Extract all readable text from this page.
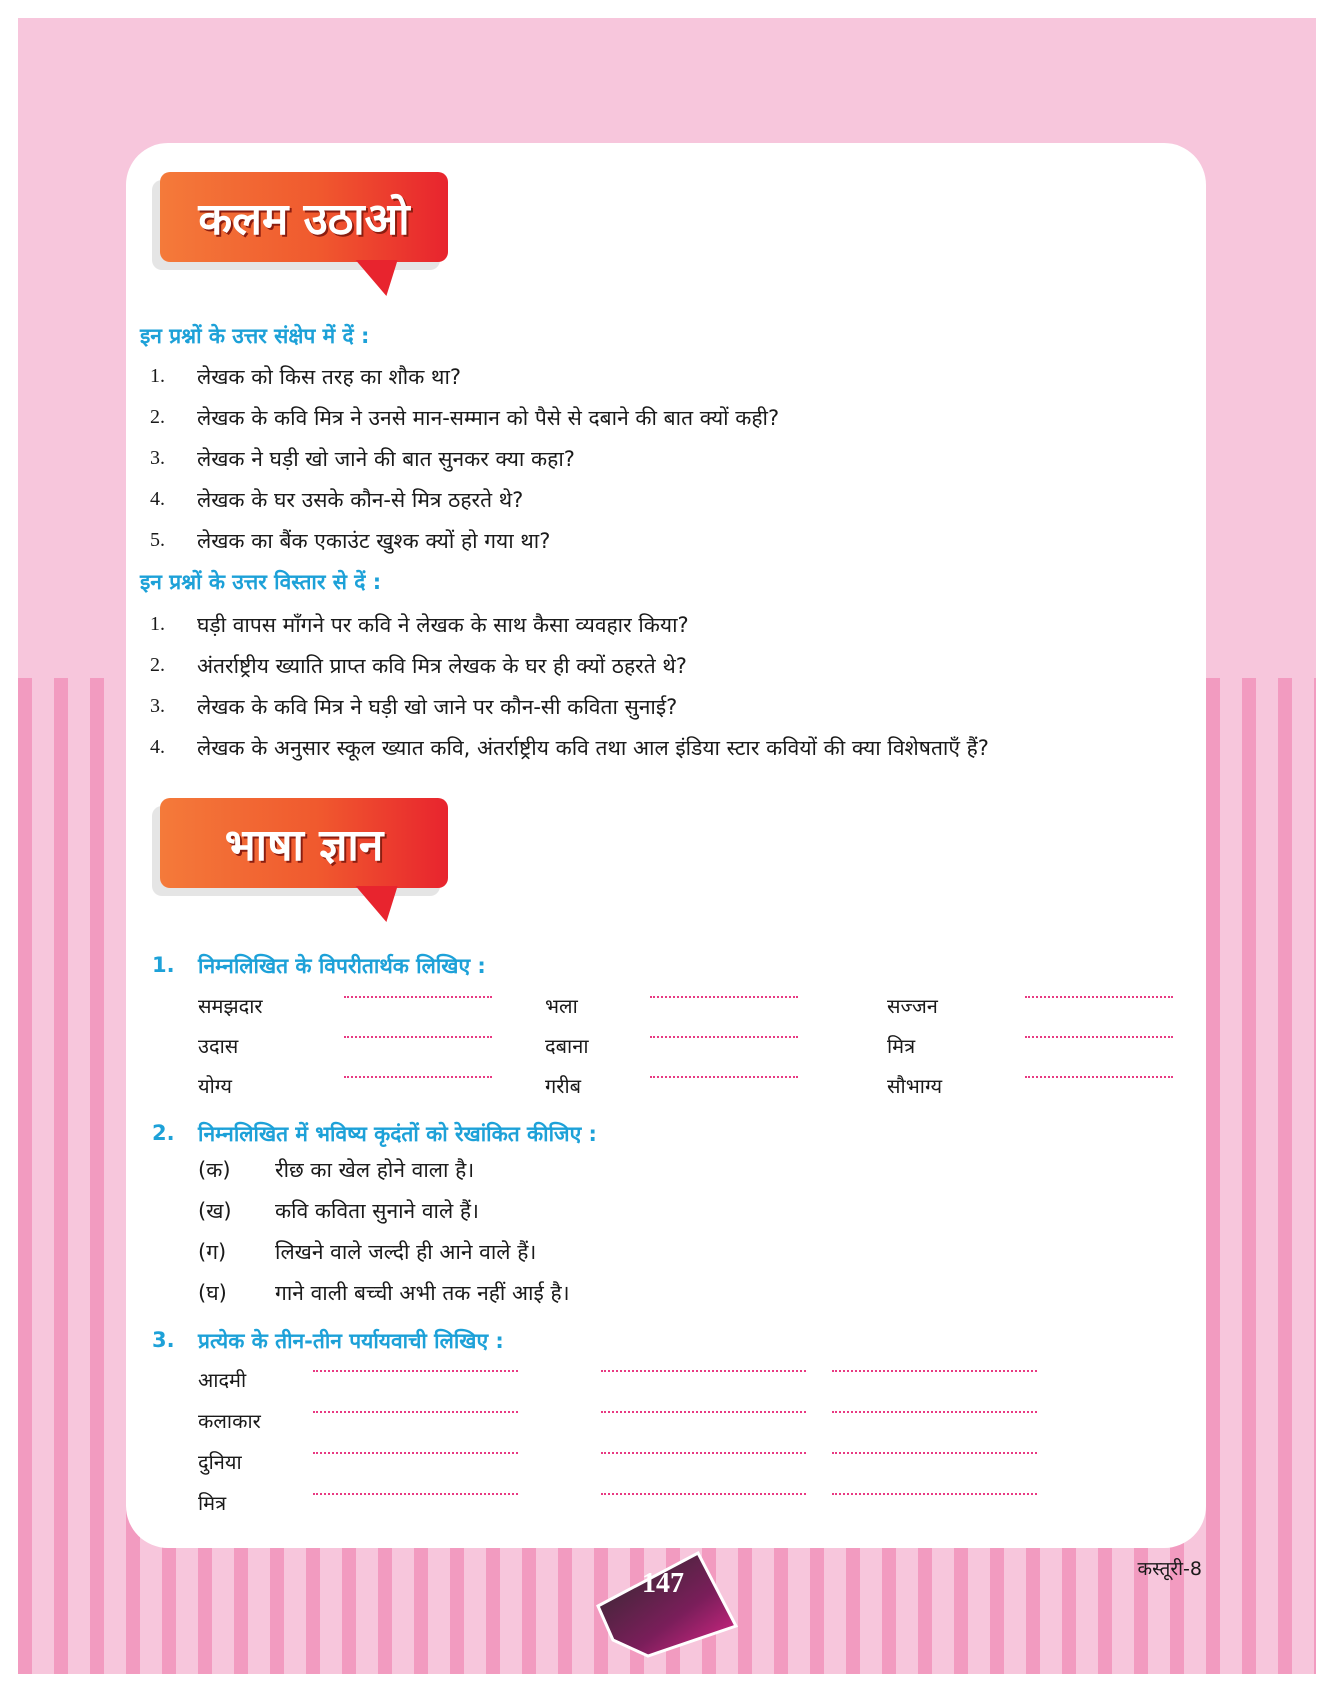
कलम उठाओ
इन प्रश्नों के उत्तर संक्षेप में दें :
1.	लेखक को किस तरह का शौक था?
2.	लेखक के कवि मित्र ने उनसे मान-सम्मान को पैसे से दबाने की बात क्यों कही?
3.	लेखक ने घड़ी खो जाने की बात सुनकर क्या कहा?
4.	लेखक के घर उसके कौन-से मित्र ठहरते थे?
5.	लेखक का बैंक एकाउंट खुश्क क्यों हो गया था?
इन प्रश्नों के उत्तर विस्तार से दें :
1.	घड़ी वापस माँगने पर कवि ने लेखक के साथ कैसा व्यवहार किया?
2.	अंतर्राष्ट्रीय ख्याति प्राप्त कवि मित्र लेखक के घर ही क्यों ठहरते थे?
3.	लेखक के कवि मित्र ने घड़ी खो जाने पर कौन-सी कविता सुनाई?
4.	लेखक के अनुसार स्कूल ख्यात कवि, अंतर्राष्ट्रीय कवि तथा आल इंडिया स्टार कवियों की क्या विशेषताएँ हैं?
भाषा ज्ञान
1. निम्नलिखित के विपरीतार्थक लिखिए :
समझदार	भला	सज्जन
उदास	दबाना	मित्र
योग्य	गरीब	सौभाग्य
2. निम्नलिखित में भविष्य कृदंतों को रेखांकित कीजिए :
(क)	रीछ का खेल होने वाला है।
(ख)	कवि कविता सुनाने वाले हैं।
(ग)	लिखने वाले जल्दी ही आने वाले हैं।
(घ)	गाने वाली बच्ची अभी तक नहीं आई है।
3. प्रत्येक के तीन-तीन पर्यायवाची लिखिए :
आदमी
कलाकार
दुनिया
मित्र
कस्तूरी-8
147
